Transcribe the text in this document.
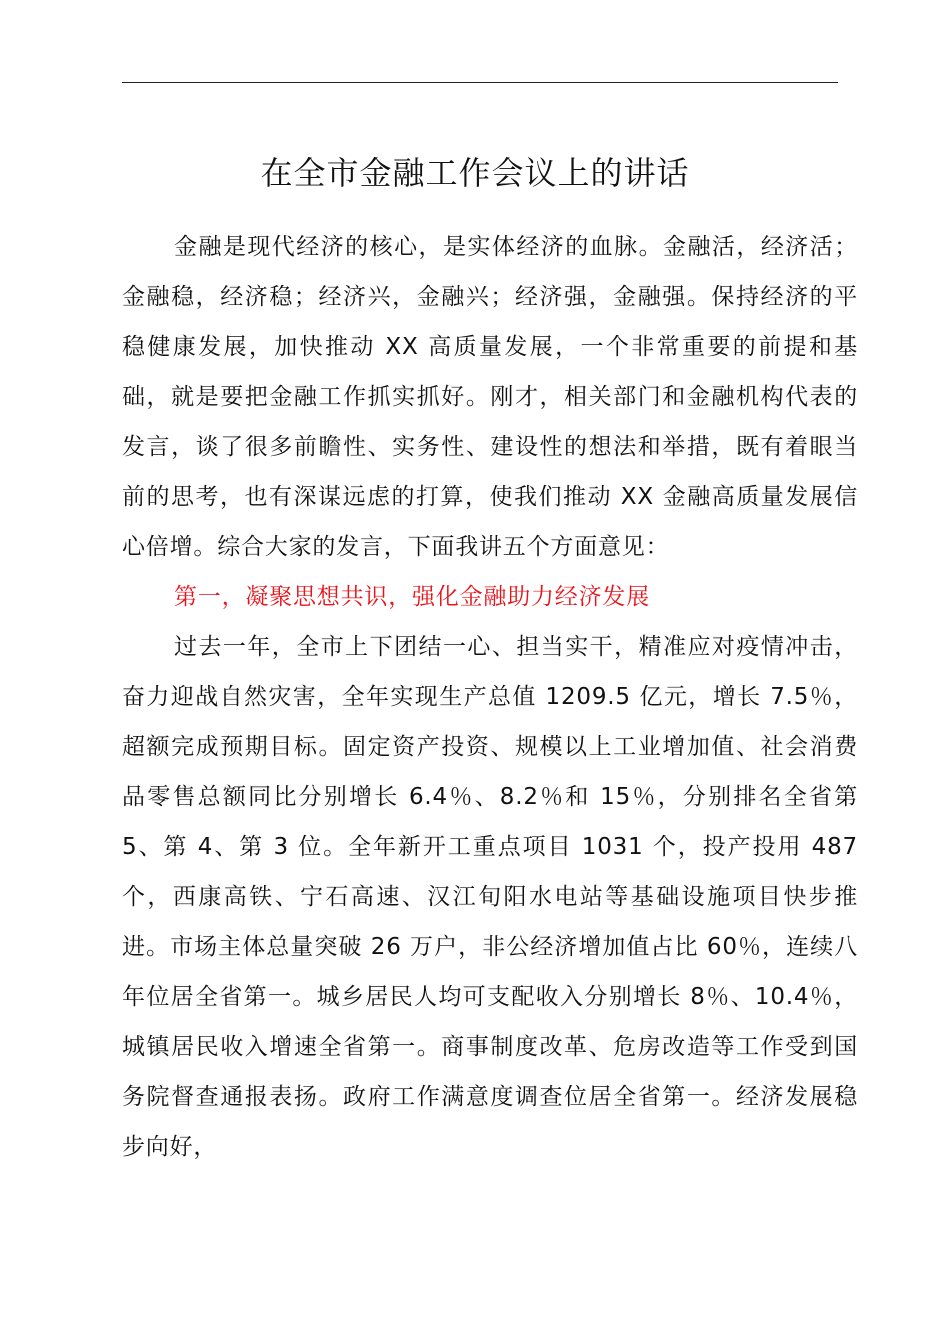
在全市金融工作会议上的讲话

金融是现代经济的核心，是实体经济的血脉。金融活，经济活；金融稳，经济稳；经济兴，金融兴；经济强，金融强。保持经济的平稳健康发展，加快推动 XX 高质量发展，一个非常重要的前提和基础，就是要把金融工作抓实抓好。刚才，相关部门和金融机构代表的发言，谈了很多前瞻性、实务性、建设性的想法和举措，既有着眼当前的思考，也有深谋远虑的打算，使我们推动 XX 金融高质量发展信心倍增。综合大家的发言，下面我讲五个方面意见：

第一，凝聚思想共识，强化金融助力经济发展

过去一年，全市上下团结一心、担当实干，精准应对疫情冲击，奋力迎战自然灾害，全年实现生产总值 1209.5 亿元，增长 7.5％，超额完成预期目标。固定资产投资、规模以上工业增加值、社会消费品零售总额同比分别增长 6.4％、8.2％和 15％，分别排名全省第 5、第 4、第 3 位。全年新开工重点项目 1031 个，投产投用 487 个，西康高铁、宁石高速、汉江旬阳水电站等基础设施项目快步推进。市场主体总量突破 26 万户，非公经济增加值占比 60％，连续八年位居全省第一。城乡居民人均可支配收入分别增长 8％、10.4％，城镇居民收入增速全省第一。商事制度改革、危房改造等工作受到国务院督查通报表扬。政府工作满意度调查位居全省第一。经济发展稳步向好，
